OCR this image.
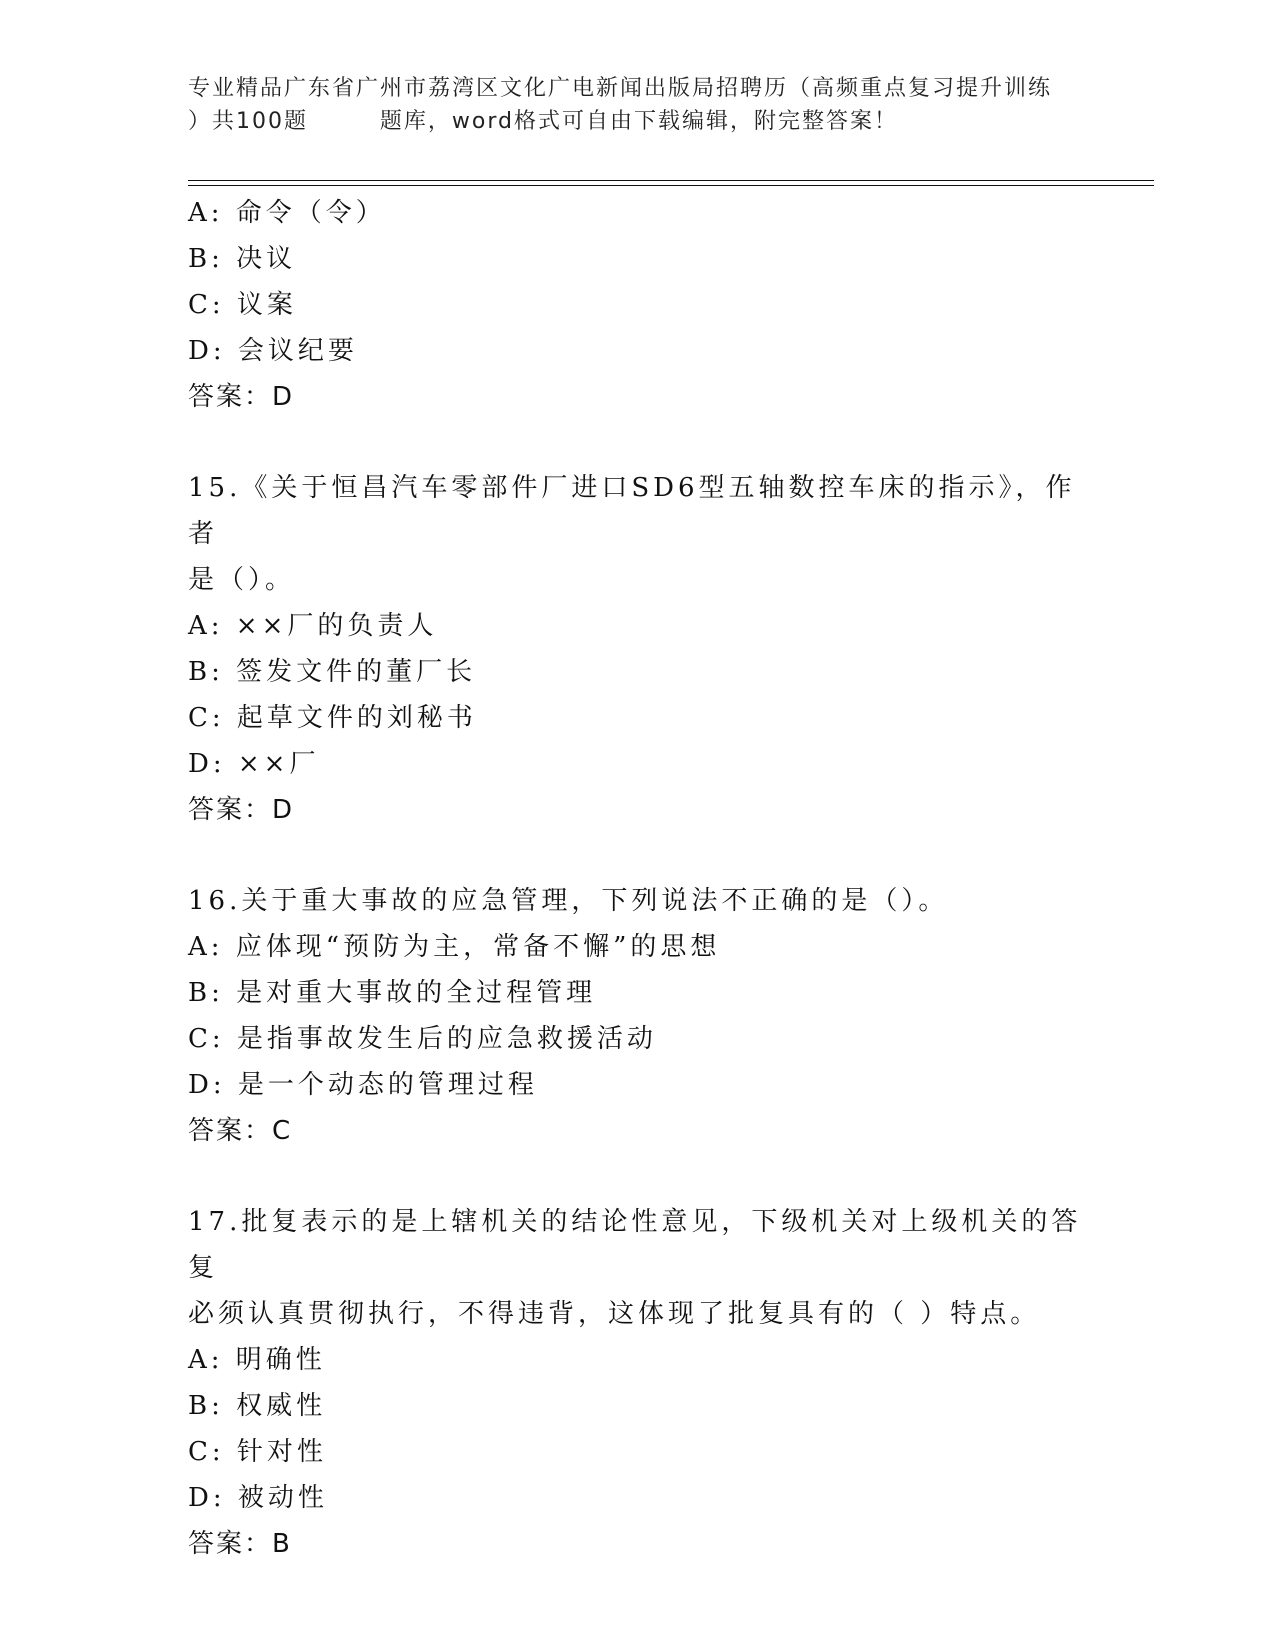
专业精品广东省广州市荔湾区文化广电新闻出版局招聘历（高频重点复习提升训练

）共100题        题库，word格式可自由下载编辑，附完整答案！
A: 命令（令）
B: 决议
C: 议案
D: 会议纪要
答案：D
15.《关于恒昌汽车零部件厂进口SD6型五轴数控车床的指示》，作者
是（）。
A: ××厂的负责人
B: 签发文件的董厂长
C: 起草文件的刘秘书
D: ××厂
答案：D
16.关于重大事故的应急管理，下列说法不正确的是（）。
A: 应体现“预防为主，常备不懈”的思想
B: 是对重大事故的全过程管理
C: 是指事故发生后的应急救援活动
D: 是一个动态的管理过程
答案：C
17.批复表示的是上辖机关的结论性意见，下级机关对上级机关的答复
必须认真贯彻执行，不得违背，这体现了批复具有的（ ）特点。
A: 明确性
B: 权威性
C: 针对性
D: 被动性
答案：B
